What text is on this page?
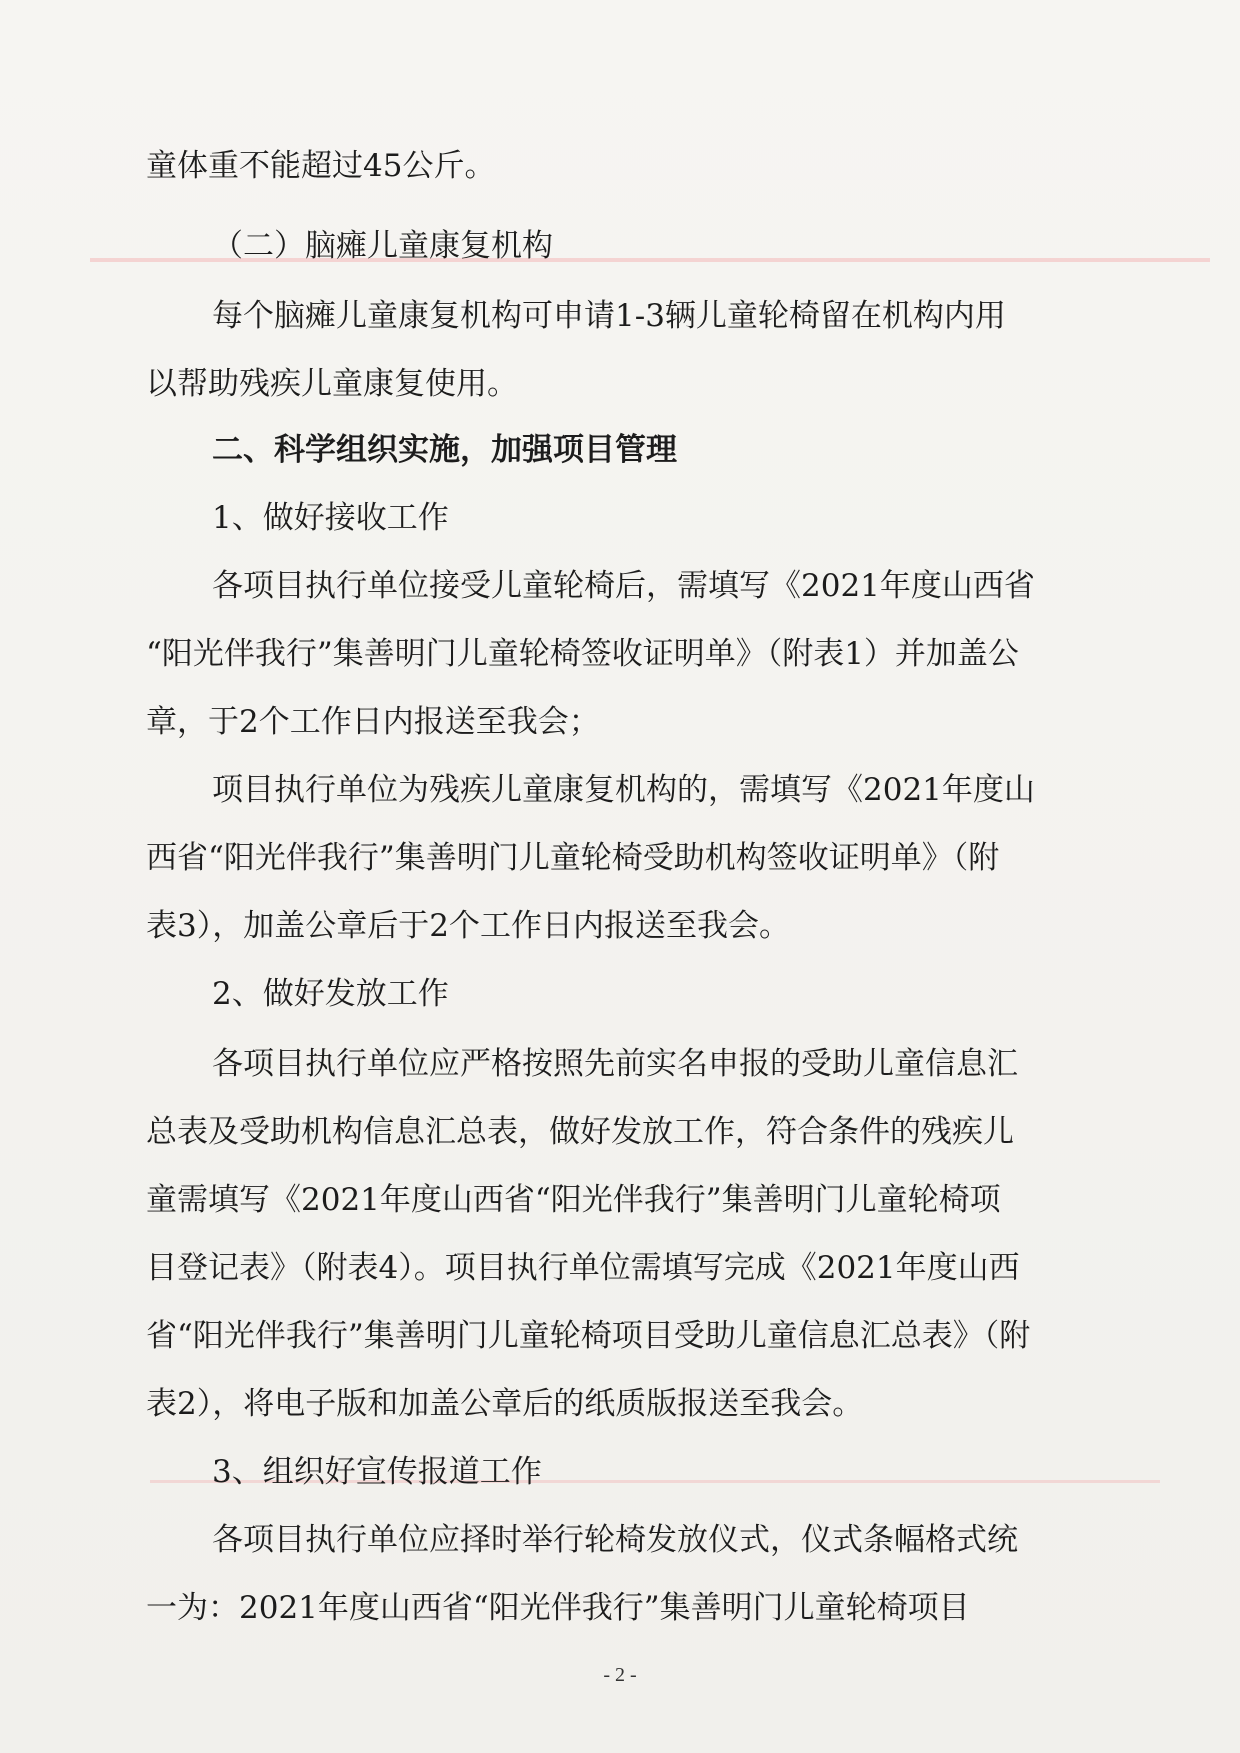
童体重不能超过45公斤。
（二）脑瘫儿童康复机构
每个脑瘫儿童康复机构可申请1-3辆儿童轮椅留在机构内用
以帮助残疾儿童康复使用。
二、科学组织实施，加强项目管理
1、做好接收工作
各项目执行单位接受儿童轮椅后，需填写《2021年度山西省
“阳光伴我行”集善明门儿童轮椅签收证明单》（附表1）并加盖公
章，于2个工作日内报送至我会；
项目执行单位为残疾儿童康复机构的，需填写《2021年度山
西省“阳光伴我行”集善明门儿童轮椅受助机构签收证明单》（附
表3），加盖公章后于2个工作日内报送至我会。
2、做好发放工作
各项目执行单位应严格按照先前实名申报的受助儿童信息汇
总表及受助机构信息汇总表，做好发放工作，符合条件的残疾儿
童需填写《2021年度山西省“阳光伴我行”集善明门儿童轮椅项
目登记表》（附表4）。项目执行单位需填写完成《2021年度山西
省“阳光伴我行”集善明门儿童轮椅项目受助儿童信息汇总表》（附
表2），将电子版和加盖公章后的纸质版报送至我会。
3、组织好宣传报道工作
各项目执行单位应择时举行轮椅发放仪式，仪式条幅格式统
一为：2021年度山西省“阳光伴我行”集善明门儿童轮椅项目
- 2 -
